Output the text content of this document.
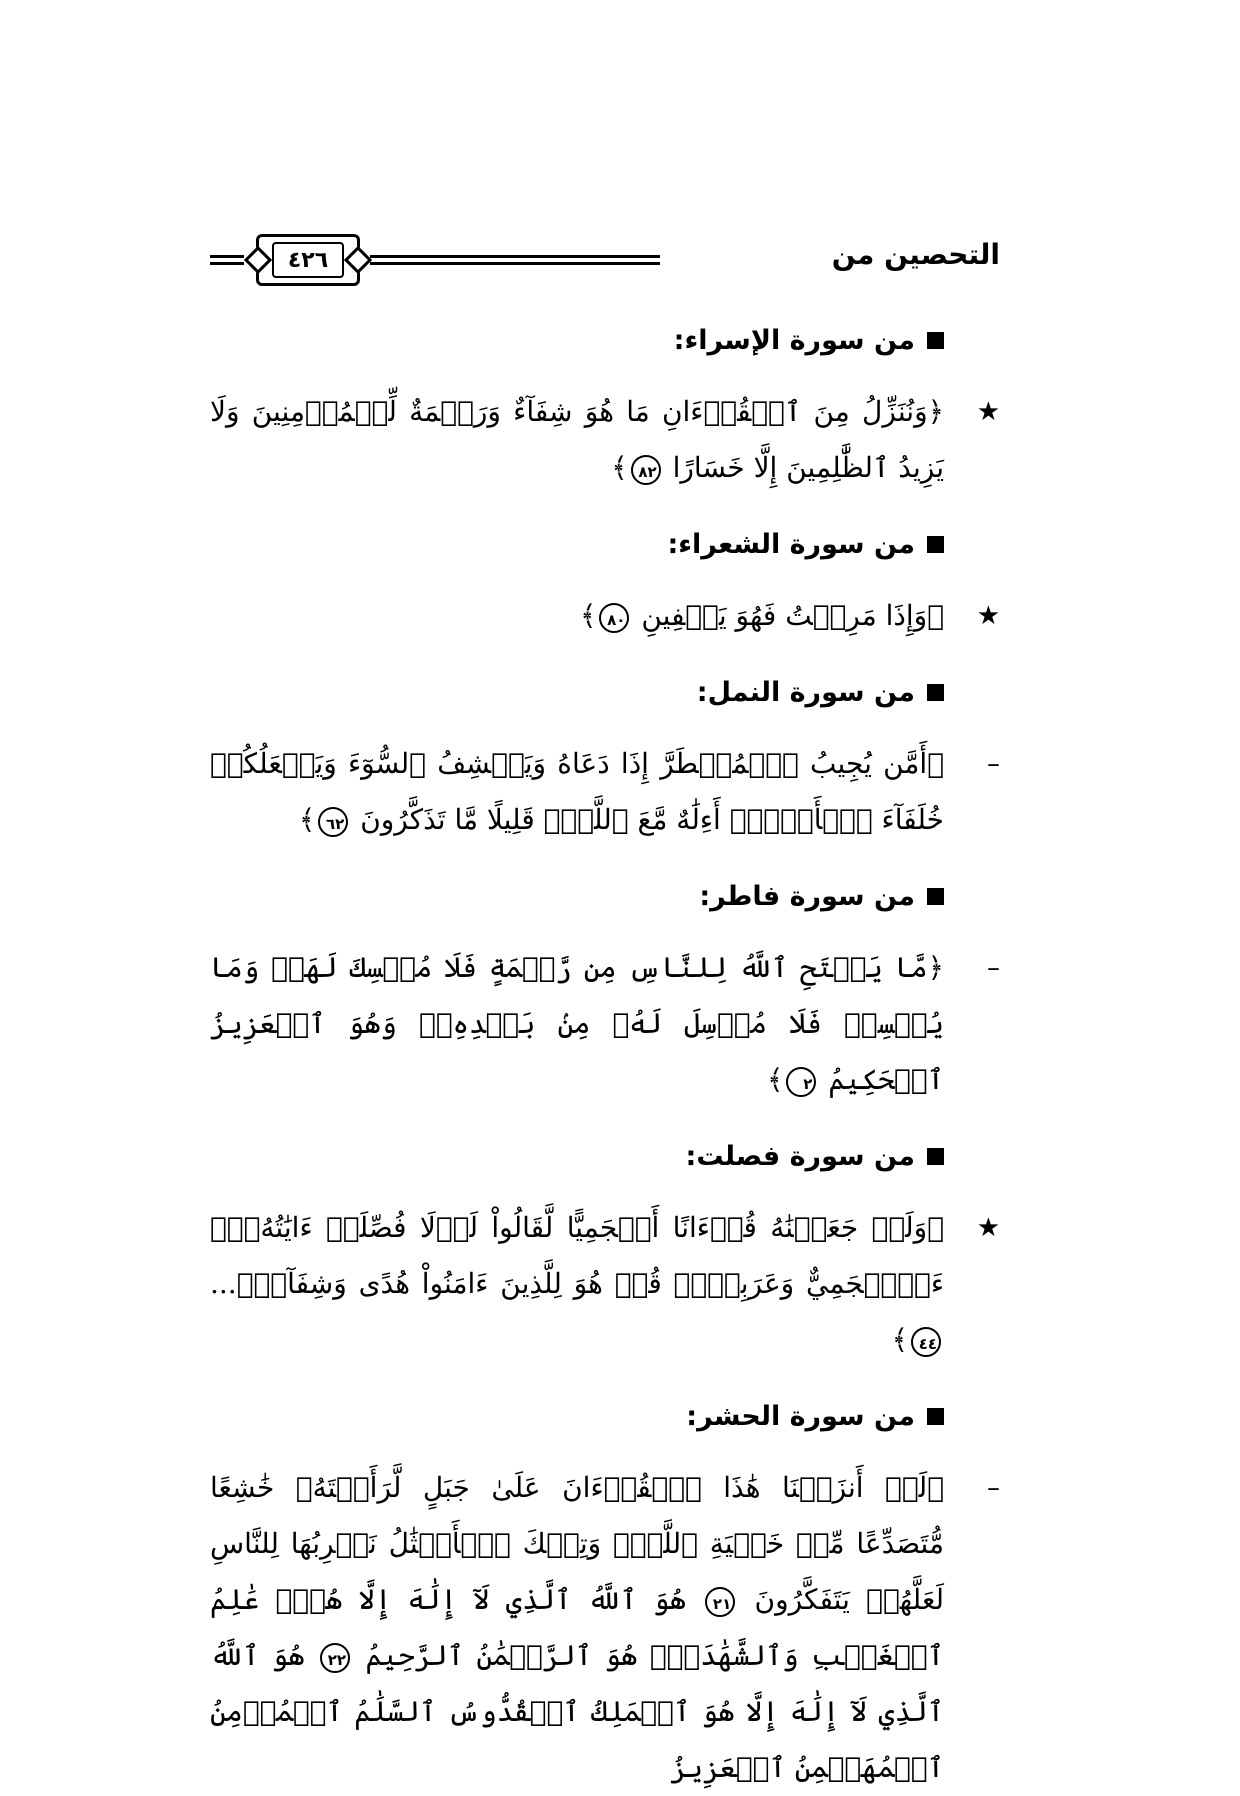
٤٢٦	التحصين من
من سورة الإسراء:
★
﴿وَنُنَزِّلُ مِنَ ٱلۡقُرۡءَانِ مَا هُوَ شِفَآءٌ وَرَحۡمَةٌ لِّلۡمُؤۡمِنِينَ وَلَا يَزِيدُ ٱلظَّٰلِمِينَ إِلَّا خَسَارًا ٨٢﴾
من سورة الشعراء:
★
﴿وَإِذَا مَرِضۡتُ فَهُوَ يَشۡفِينِ ٨٠﴾
من سورة النمل:
–
﴿أَمَّن يُجِيبُ ٱلۡمُضۡطَرَّ إِذَا دَعَاهُ وَيَكۡشِفُ ٱلسُّوٓءَ وَيَجۡعَلُكُمۡ خُلَفَآءَ ٱلۡأَرۡضِۗ أَءِلَٰهٌ مَّعَ ٱللَّهِۚ قَلِيلًا مَّا تَذَكَّرُونَ ٦٢﴾
من سورة فاطر:
–
﴿مَّا يَفۡتَحِ ٱللَّهُ لِلنَّاسِ مِن رَّحۡمَةٍ فَلَا مُمۡسِكَ لَهَاۖ وَمَا يُمۡسِكۡ فَلَا مُرۡسِلَ لَهُۥ مِنۢ بَعۡدِهِۦۚ وَهُوَ ٱلۡعَزِيزُ ٱلۡحَكِيمُ ٢﴾
من سورة فصلت:
★
﴿وَلَوۡ جَعَلۡنَٰهُ قُرۡءَانًا أَعۡجَمِيًّا لَّقَالُواْ لَوۡلَا فُصِّلَتۡ ءَايَٰتُهُۥٓۖ ءَا۬عۡجَمِيٌّ وَعَرَبِيٌّۗ قُلۡ هُوَ لِلَّذِينَ ءَامَنُواْ هُدًى وَشِفَآءٌۖ... ٤٤﴾
من سورة الحشر:
–
﴿لَوۡ أَنزَلۡنَا هَٰذَا ٱلۡقُرۡءَانَ عَلَىٰ جَبَلٍ لَّرَأَيۡتَهُۥ خَٰشِعًا مُّتَصَدِّعًا مِّنۡ خَشۡيَةِ ٱللَّهِۚ وَتِلۡكَ ٱلۡأَمۡثَٰلُ نَضۡرِبُهَا لِلنَّاسِ لَعَلَّهُمۡ يَتَفَكَّرُونَ ٢١ هُوَ ٱللَّهُ ٱلَّذِي لَآ إِلَٰهَ إِلَّا هُوَۖ عَٰلِمُ ٱلۡغَيۡبِ وَٱلشَّهَٰدَةِۖ هُوَ ٱلرَّحۡمَٰنُ ٱلرَّحِيمُ ٢٢ هُوَ ٱللَّهُ ٱلَّذِي لَآ إِلَٰهَ إِلَّا هُوَ ٱلۡمَلِكُ ٱلۡقُدُّوسُ ٱلسَّلَٰمُ ٱلۡمُؤۡمِنُ ٱلۡمُهَيۡمِنُ ٱلۡعَزِيزُ
